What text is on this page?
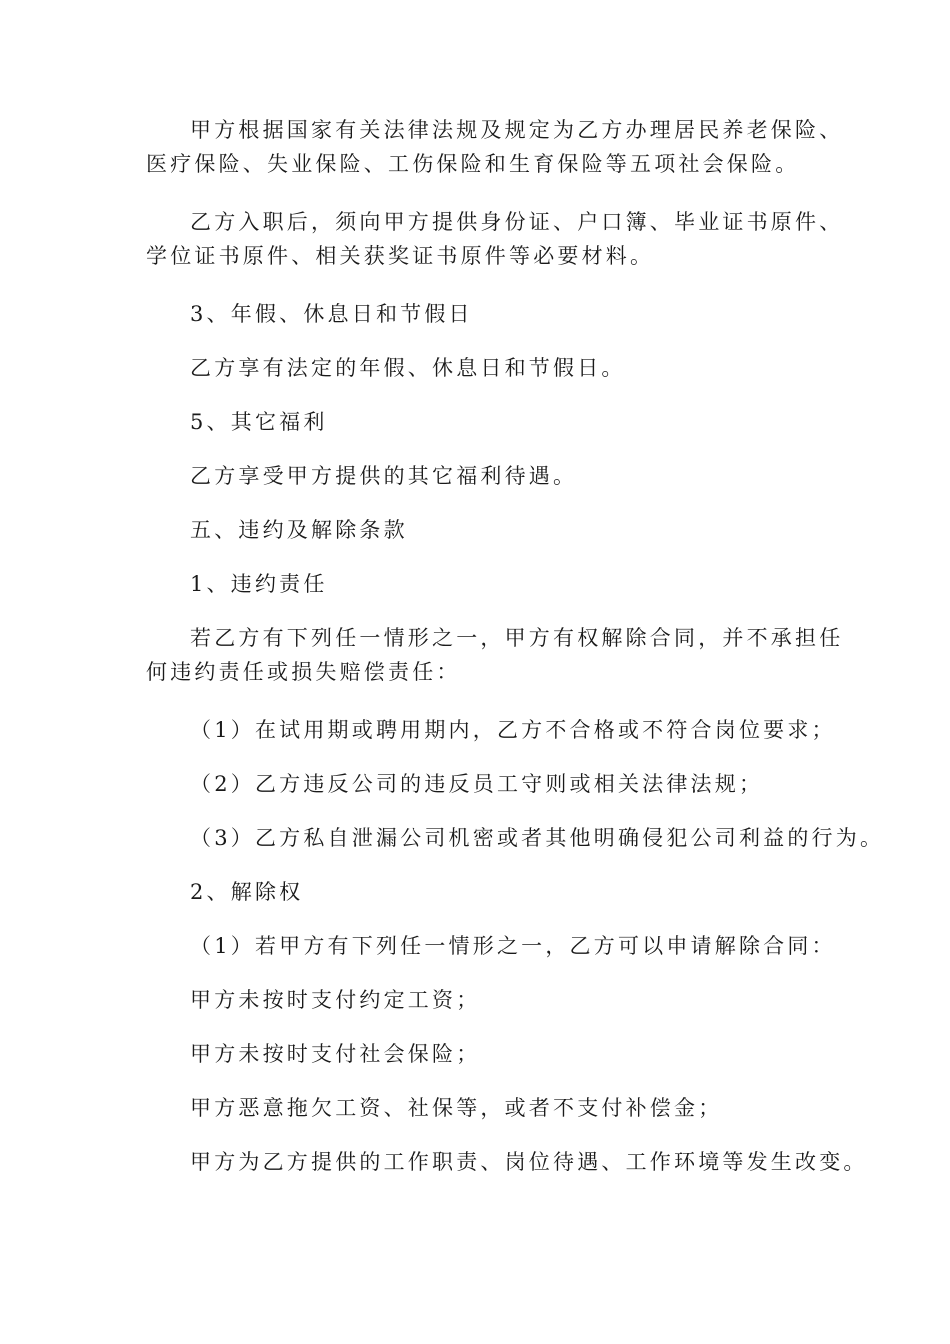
甲方根据国家有关法律法规及规定为乙方办理居民养老保险、
医疗保险、失业保险、工伤保险和生育保险等五项社会保险。

乙方入职后，须向甲方提供身份证、户口簿、毕业证书原件、
学位证书原件、相关获奖证书原件等必要材料。

3、年假、休息日和节假日

乙方享有法定的年假、休息日和节假日。

5、其它福利

乙方享受甲方提供的其它福利待遇。

五、违约及解除条款

1、违约责任

若乙方有下列任一情形之一，甲方有权解除合同，并不承担任
何违约责任或损失赔偿责任：

（1）在试用期或聘用期内，乙方不合格或不符合岗位要求；

（2）乙方违反公司的违反员工守则或相关法律法规；

（3）乙方私自泄漏公司机密或者其他明确侵犯公司利益的行为。

2、解除权

（1）若甲方有下列任一情形之一，乙方可以申请解除合同：

甲方未按时支付约定工资；

甲方未按时支付社会保险；

甲方恶意拖欠工资、社保等，或者不支付补偿金；

甲方为乙方提供的工作职责、岗位待遇、工作环境等发生改变。
